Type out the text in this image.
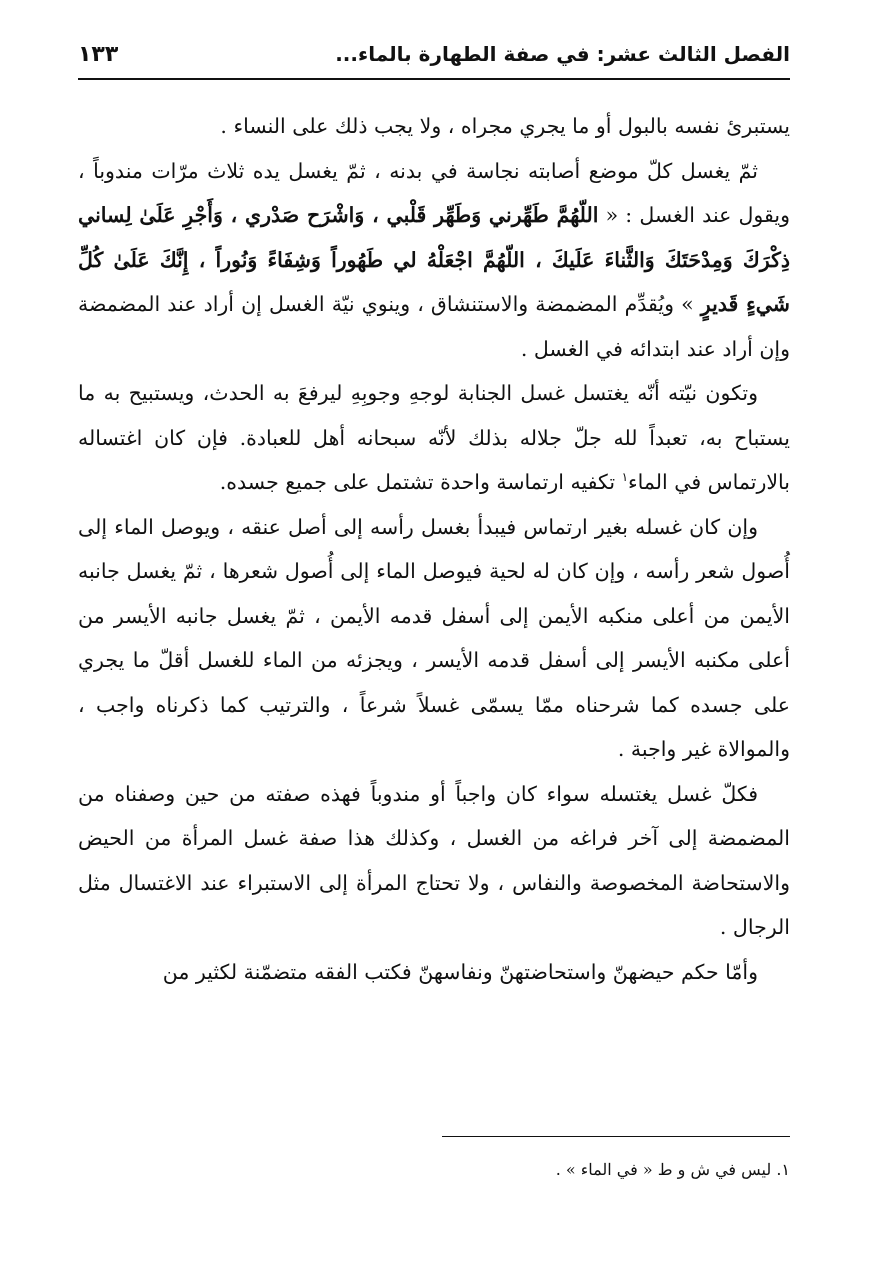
الفصل الثالث عشر: في صفة الطهارة بالماء...
١٣٣

يستبرئ نفسه بالبول أو ما يجري مجراه ، ولا يجب ذلك على النساء .

ثمّ يغسل كلّ موضع أصابته نجاسة في بدنه ، ثمّ يغسل يده ثلاث مرّات مندوباً ، ويقول عند الغسل : « اللّهُمَّ طَهِّرني وَطَهِّر قَلْبي ، وَاشْرَح صَدْري ، وَأَجْرِ عَلَىٰ لِساني ذِكْرَكَ وَمِدْحَتَكَ وَالثَّناءَ عَلَيكَ ، اللّهُمَّ اجْعَلْهُ لي طَهُوراً وَشِفَاءً وَنُوراً ، إِنَّكَ عَلَىٰ كُلِّ شَيءٍ قَديرٍ » ويُقدِّم المضمضة والاستنشاق ، وينوي نيّة الغسل إن أراد عند المضمضة وإن أراد عند ابتدائه في الغسل .

وتكون نيّته أنّه يغتسل غسل الجنابة لوجهِ وجوبِهِ ليرفعَ به الحدث، ويستبيح به ما يستباح به، تعبداً لله جلّ جلاله بذلك لأنّه سبحانه أهل للعبادة. فإن كان اغتساله بالارتماس في الماء$^١$ تكفيه ارتماسة واحدة تشتمل على جميع جسده.

وإن كان غسله بغير ارتماس فيبدأ بغسل رأسه إلى أصل عنقه ، ويوصل الماء إلى أُصول شعر رأسه ، وإن كان له لحية فيوصل الماء إلى أُصول شعرها ، ثمّ يغسل جانبه الأيمن من أعلى منكبه الأيمن إلى أسفل قدمه الأيمن ، ثمّ يغسل جانبه الأيسر من أعلى مكنبه الأيسر إلى أسفل قدمه الأيسر ، ويجزئه من الماء للغسل أقلّ ما يجري على جسده كما شرحناه ممّا يسمّى غسلاً شرعاً ، والترتيب كما ذكرناه واجب ، والموالاة غير واجبة .

فكلّ غسل يغتسله سواء كان واجباً أو مندوباً فهذه صفته من حين وصفناه من المضمضة إلى آخر فراغه من الغسل ، وكذلك هذا صفة غسل المرأة من الحيض والاستحاضة المخصوصة والنفاس ، ولا تحتاج المرأة إلى الاستبراء عند الاغتسال مثل الرجال .

وأمّا حكم حيضهنّ واستحاضتهنّ ونفاسهنّ فكتب الفقه متضمّنة لكثير من

١. ليس في ش و ط « في الماء » .
